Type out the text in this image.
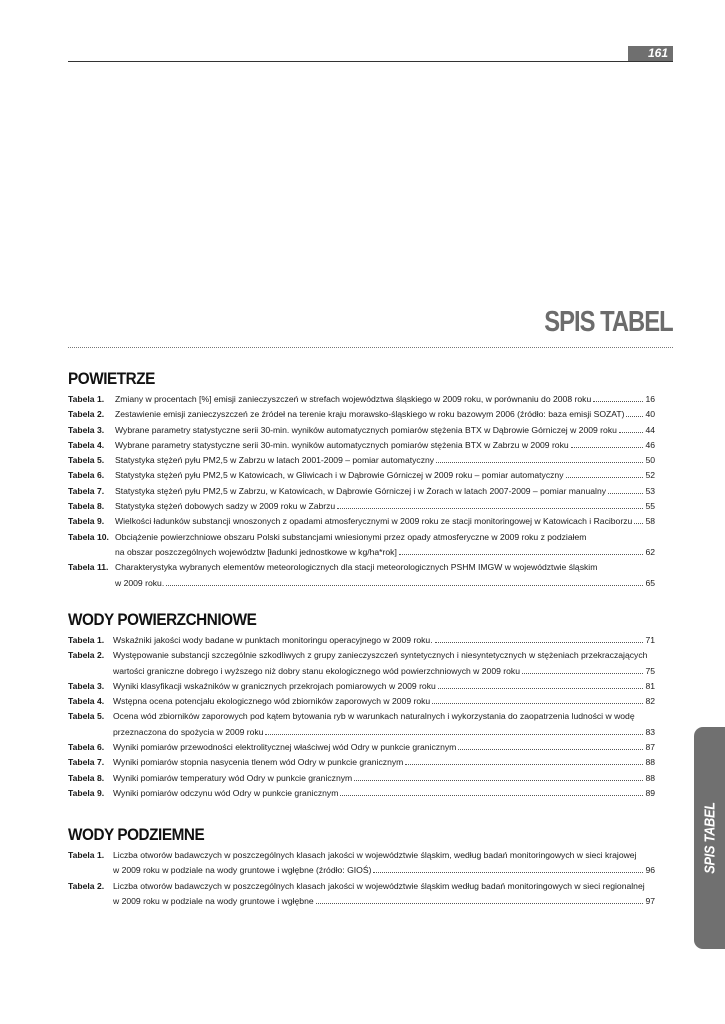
161
SPIS TABEL
POWIETRZE
Tabela 1. Zmiany w procentach [%] emisji zanieczyszczeń w strefach województwa śląskiego w 2009 roku, w porównaniu do 2008 roku	16
Tabela 2. Zestawienie emisji zanieczyszczeń ze źródeł na terenie kraju morawsko-śląskiego w roku bazowym 2006 (źródło: baza emisji SOZAT) 40
Tabela 3. Wybrane parametry statystyczne serii 30-min. wyników automatycznych pomiarów stężenia BTX w Dąbrowie Górniczej w 2009 roku	44
Tabela 4. Wybrane parametry statystyczne serii 30-min. wyników automatycznych pomiarów stężenia BTX w Zabrzu w 2009 roku	46
Tabela 5. Statystyka stężeń pyłu PM2,5 w Zabrzu w latach 2001-2009 – pomiar automatyczny	50
Tabela 6. Statystyka stężeń pyłu PM2,5 w Katowicach, w Gliwicach i w Dąbrowie Górniczej w 2009 roku – pomiar automatyczny	52
Tabela 7. Statystyka stężeń pyłu PM2,5 w Zabrzu, w Katowicach, w Dąbrowie Górniczej i w Żorach w latach 2007-2009 – pomiar manualny	53
Tabela 8. Statystyka stężeń dobowych sadzy w 2009 roku w Zabrzu	55
Tabela 9. Wielkości ładunków substancji wnoszonych z opadami atmosferycznymi w 2009 roku ze stacji monitoringowej w Katowicach i Raciborzu 58
Tabela 10. Obciążenie powierzchniowe obszaru Polski substancjami wniesionymi przez opady atmosferyczne w 2009 roku z podziałem
na obszar poszczególnych województw [ładunki jednostkowe w kg/ha*rok]	62
Tabela 11. Charakterystyka wybranych elementów meteorologicznych dla stacji meteorologicznych PSHM IMGW w województwie śląskim
w 2009 roku.	65
WODY POWIERZCHNIOWE
Tabela 1. Wskaźniki jakości wody badane w punktach monitoringu operacyjnego w 2009 roku.	71
Tabela 2. Występowanie substancji szczególnie szkodliwych z grupy zanieczyszczeń syntetycznych i niesyntetycznych w stężeniach przekraczających
wartości graniczne dobrego i wyższego niż dobry stanu ekologicznego wód powierzchniowych w 2009 roku	75
Tabela 3. Wyniki klasyfikacji wskaźników w granicznych przekrojach pomiarowych w 2009 roku	81
Tabela 4. Wstępna ocena potencjału ekologicznego wód zbiorników zaporowych w 2009 roku	82
Tabela 5. Ocena wód zbiorników zaporowych pod kątem bytowania ryb w warunkach naturalnych i wykorzystania do zaopatrzenia ludności w wodę
przeznaczona do spożycia w 2009 roku	83
Tabela 6. Wyniki pomiarów przewodności elektrolitycznej właściwej wód Odry w punkcie granicznym	87
Tabela 7. Wyniki pomiarów stopnia nasycenia tlenem wód Odry w punkcie granicznym	88
Tabela 8. Wyniki pomiarów temperatury wód Odry w punkcie granicznym	88
Tabela 9. Wyniki pomiarów odczynu wód Odry w punkcie granicznym	89
WODY PODZIEMNE
Tabela 1. Liczba otworów badawczych w poszczególnych klasach jakości w województwie śląskim, według badań monitoringowych w sieci krajowej
w 2009 roku w podziale na wody gruntowe i wgłębne (źródło: GIOŚ)	96
Tabela 2. Liczba otworów badawczych w poszczególnych klasach jakości w województwie śląskim według badań monitoringowych w sieci regionalnej
w 2009 roku w podziale na wody gruntowe i wgłębne	97
SPIS TABEL
